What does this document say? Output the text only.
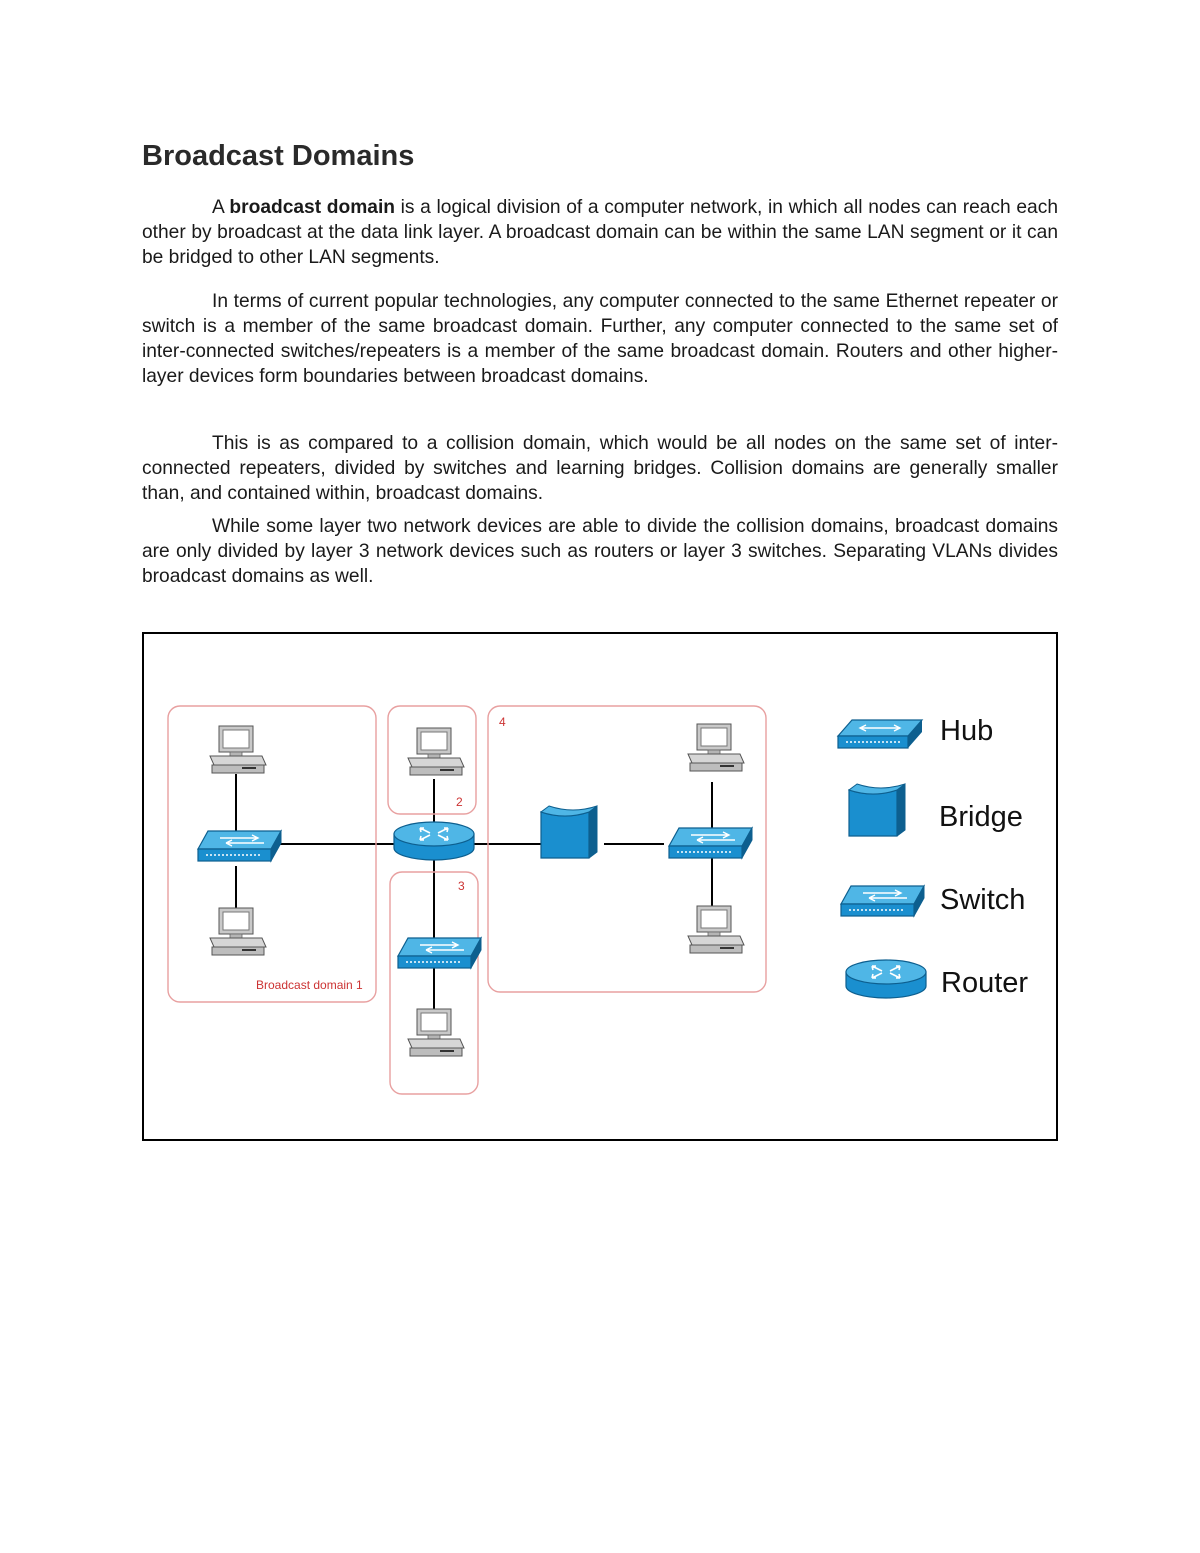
Broadcast Domains

A broadcast domain is a logical division of a computer network, in which all nodes can reach each other by broadcast at the data link layer. A broadcast domain can be within the same LAN segment or it can be bridged to other LAN segments.

In terms of current popular technologies, any computer connected to the same Ethernet repeater or switch is a member of the same broadcast domain. Further, any computer connected to the same set of inter-connected switches/repeaters is a member of the same broadcast domain. Routers and other higher-layer devices form boundaries between broadcast domains.

This is as compared to a collision domain, which would be all nodes on the same set of inter-connected repeaters, divided by switches and learning bridges. Collision domains are generally smaller than, and contained within, broadcast domains.

While some layer two network devices are able to divide the collision domains, broadcast domains are only divided by layer 3 network devices such as routers or layer 3 switches. Separating VLANs divides broadcast domains as well.

Broadcast domain 1
2
3
4	Hub
Bridge
Switch
Router
